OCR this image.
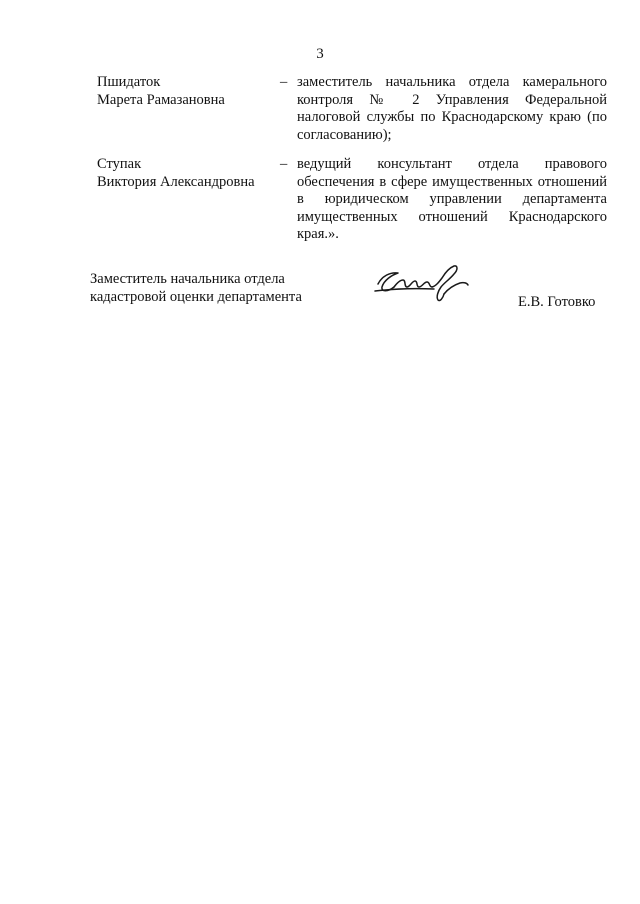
3
Пшидаток
Марета Рамазановна
– заместитель начальника отдела камерального контроля № 2 Управления Федеральной налоговой службы по Краснодарскому краю (по согласованию);
Ступак
Виктория Александровна
– ведущий консультант отдела правового обеспечения в сфере имущественных отношений в юридическом управлении департамента имущественных отношений Краснодарского края.».
Заместитель начальника отдела
кадастровой оценки департамента	Е.В. Готовко
